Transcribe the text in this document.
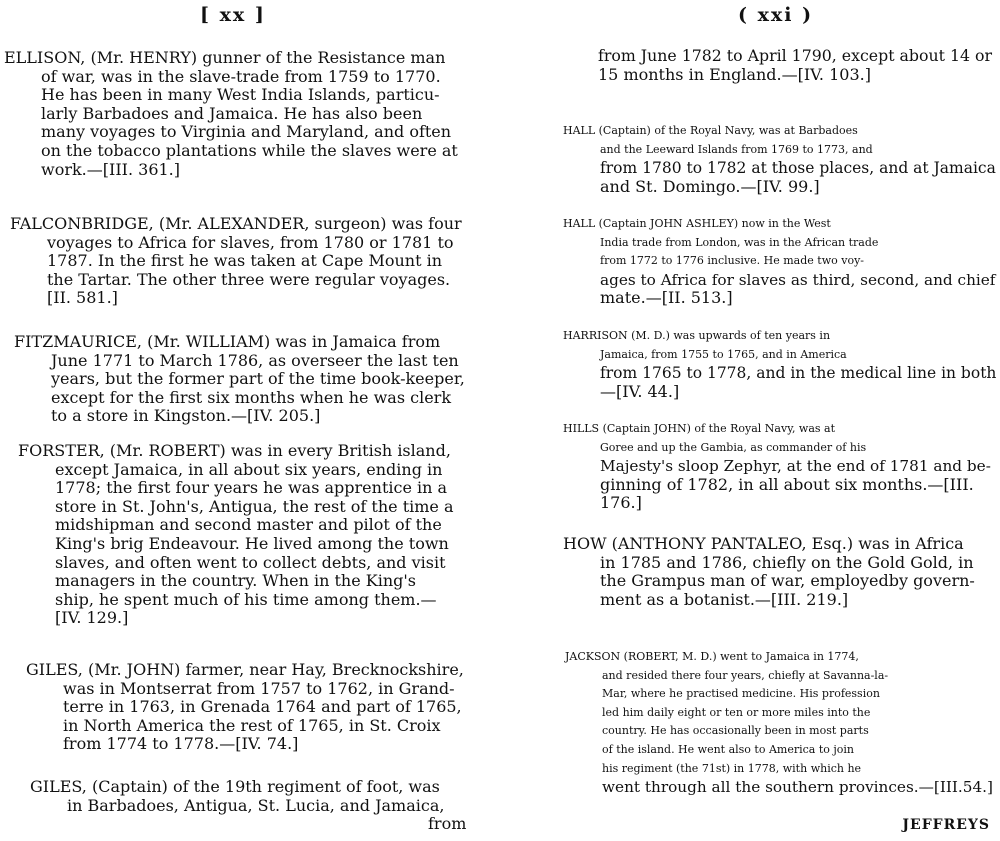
[ xx ]
ELLISON, (Mr. HENRY) gunner of the Resistance man
of war, was in the slave-trade from 1759 to 1770.
He has been in many West India Islands, particu-
larly Barbadoes and Jamaica. He has also been
many voyages to Virginia and Maryland, and often
on the tobacco plantations while the slaves were at
work.—[III. 361.]
FALCONBRIDGE, (Mr. ALEXANDER, surgeon) was four
voyages to Africa for slaves, from 1780 or 1781 to
1787. In the first he was taken at Cape Mount in
the Tartar. The other three were regular voyages.
[II. 581.]
FITZMAURICE, (Mr. WILLIAM) was in Jamaica from
June 1771 to March 1786, as overseer the last ten
years, but the former part of the time book-keeper,
except for the first six months when he was clerk
to a store in Kingston.—[IV. 205.]
FORSTER, (Mr. ROBERT) was in every British island,
except Jamaica, in all about six years, ending in
1778; the first four years he was apprentice in a
store in St. John's, Antigua, the rest of the time a
midshipman and second master and pilot of the
King's brig Endeavour. He lived among the town
slaves, and often went to collect debts, and visit
managers in the country. When in the King's
ship, he spent much of his time among them.—
[IV. 129.]
GILES, (Mr. JOHN) farmer, near Hay, Brecknockshire,
was in Montserrat from 1757 to 1762, in Grand-
terre in 1763, in Grenada 1764 and part of 1765,
in North America the rest of 1765, in St. Croix
from 1774 to 1778.—[IV. 74.]
GILES, (Captain) of the 19th regiment of foot, was
in Barbadoes, Antigua, St. Lucia, and Jamaica,
from
( xxi )
from June 1782 to April 1790, except about 14 or
15 months in England.—[IV. 103.]
HALL (Captain) of the Royal Navy, was at Barbadoes
and the Leeward Islands from 1769 to 1773, and
from 1780 to 1782 at those places, and at Jamaica
and St. Domingo.—[IV. 99.]
HALL (Captain JOHN ASHLEY) now in the West
India trade from London, was in the African trade
from 1772 to 1776 inclusive. He made two voy-
ages to Africa for slaves as third, second, and chief
mate.—[II. 513.]
HARRISON (M. D.) was upwards of ten years in
Jamaica, from 1755 to 1765, and in America
from 1765 to 1778, and in the medical line in both
—[IV. 44.]
HILLS (Captain JOHN) of the Royal Navy, was at
Goree and up the Gambia, as commander of his
Majesty's sloop Zephyr, at the end of 1781 and be-
ginning of 1782, in all about six months.—[III.
176.]
HOW (ANTHONY PANTALEO, Esq.) was in Africa
in 1785 and 1786, chiefly on the Gold Gold, in
the Grampus man of war, employedby govern-
ment as a botanist.—[III. 219.]
JACKSON (ROBERT, M. D.) went to Jamaica in 1774,
and resided there four years, chiefly at Savanna-la-
Mar, where he practised medicine. His profession
led him daily eight or ten or more miles into the
country. He has occasionally been in most parts
of the island. He went also to America to join
his regiment (the 71st) in 1778, with which he
went through all the southern provinces.—[III.54.]
JEFFREYS
